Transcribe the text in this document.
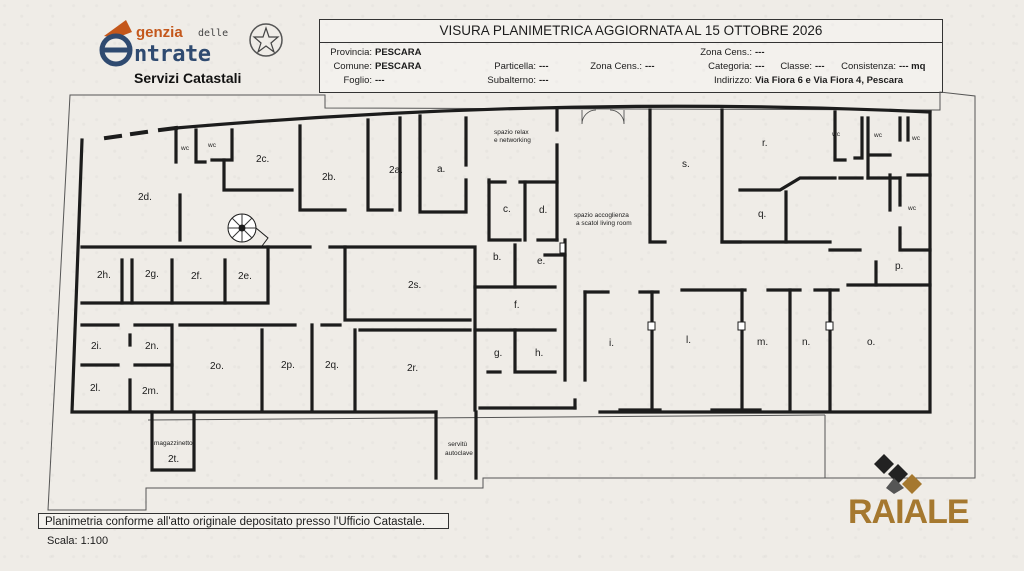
genzia delle
ntrate
Servizi Catastali
VISURA PLANIMETRICA AGGIORNATA AL 15 OTTOBRE 2026
Provincia: PESCARA
Comune: PESCARA
Foglio: ---
Particella: ---
Subalterno: ---
Zona Cens.: ---
Zona Cens.: ---
Categoria: ---	Classe: ---	Consistenza: --- mq
Indirizzo: Via Fiora 6 e Via Fiora 4, Pescara
2d.
2c.
2b.
2a.	a.
spazio relax
e networking
s.
r.
q.
wc	wc
wc	wc	wc
wc
c.	d.	spazio accoglienza
a scatol living room
2h.	2g.	2f.	2e.
2s.
b.	e.
f.
p.
2i.	2n.
2o.	2p.	2q.	2r.
g.	h.
i.	l.	m.	n.	o.
2l.	2m.
magazzinetto
2t.
servitù
autoclave
Planimetria conforme all'atto originale depositato presso l'Ufficio Catastale.
Scala: 1:100
RAIALE
